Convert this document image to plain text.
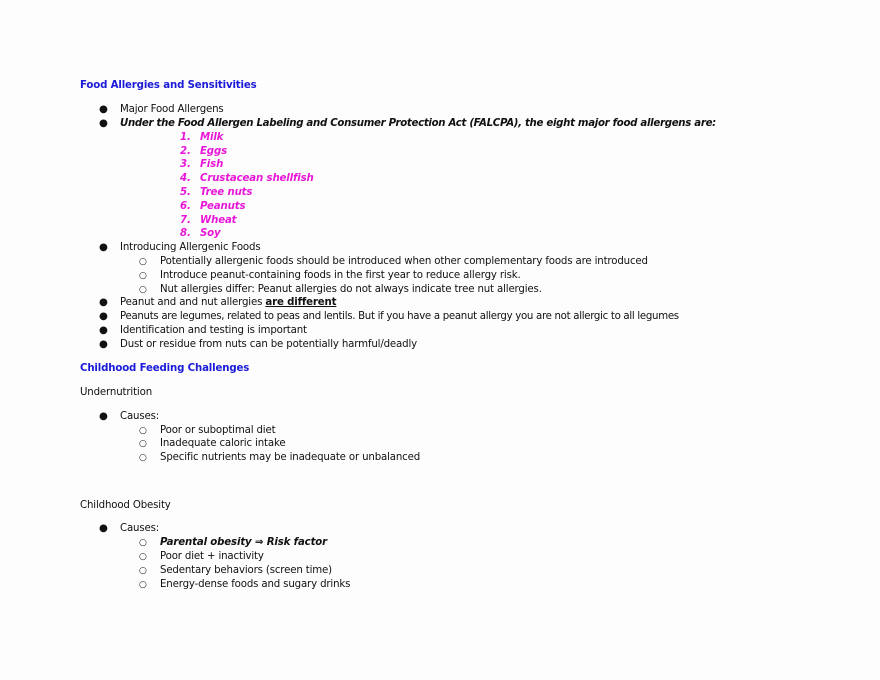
Food Allergies and Sensitivities
● Major Food Allergens
● Under the Food Allergen Labeling and Consumer Protection Act (FALCPA), the eight major food allergens are:
1. Milk
2. Eggs
3. Fish
4. Crustacean shellfish
5. Tree nuts
6. Peanuts
7. Wheat
8. Soy
● Introducing Allergenic Foods
○ Potentially allergenic foods should be introduced when other complementary foods are introduced
○ Introduce peanut-containing foods in the first year to reduce allergy risk.
○ Nut allergies differ: Peanut allergies do not always indicate tree nut allergies.
● Peanut and and nut allergies are different
● Peanuts are legumes, related to peas and lentils. But if you have a peanut allergy you are not allergic to all legumes
● Identification and testing is important
● Dust or residue from nuts can be potentially harmful/deadly
Childhood Feeding Challenges
Undernutrition
● Causes:
○ Poor or suboptimal diet
○ Inadequate caloric intake
○ Specific nutrients may be inadequate or unbalanced
Childhood Obesity
● Causes:
○ Parental obesity ⇒ Risk factor
○ Poor diet + inactivity
○ Sedentary behaviors (screen time)
○ Energy-dense foods and sugary drinks
